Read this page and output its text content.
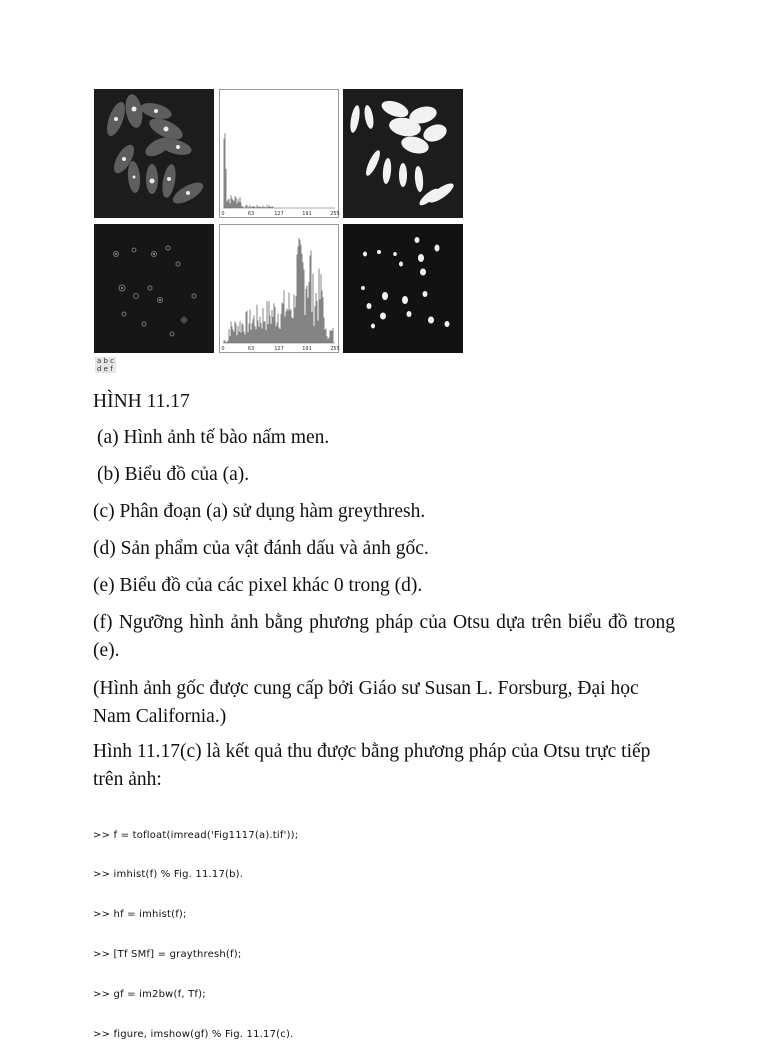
0	63	127	191	255
0	63	127	191	255
a b c
d e f
HÌNH 11.17
(a) Hình ảnh tế bào nấm men.
(b) Biểu đồ của (a).
(c) Phân đoạn (a) sử dụng hàm greythresh.
(d) Sản phẩm của vật đánh dấu và ảnh gốc.
(e) Biểu đồ của các pixel khác 0 trong (d).
(f) Ngưỡng hình ảnh bằng phương pháp của Otsu dựa trên biểu đồ trong (e).
(Hình ảnh gốc được cung cấp bởi Giáo sư Susan L. Forsburg, Đại học Nam California.)
Hình 11.17(c) là kết quả thu được bằng phương pháp của Otsu trực tiếp trên ảnh:

>> f = tofloat(imread('Fig1117(a).tif'));

>> imhist(f) % Fig. 11.17(b).

>> hf = imhist(f);

>> [Tf SMf] = graythresh(f);

>> gf = im2bw(f, Tf);

>> figure, imshow(gf) % Fig. 11.17(c).
